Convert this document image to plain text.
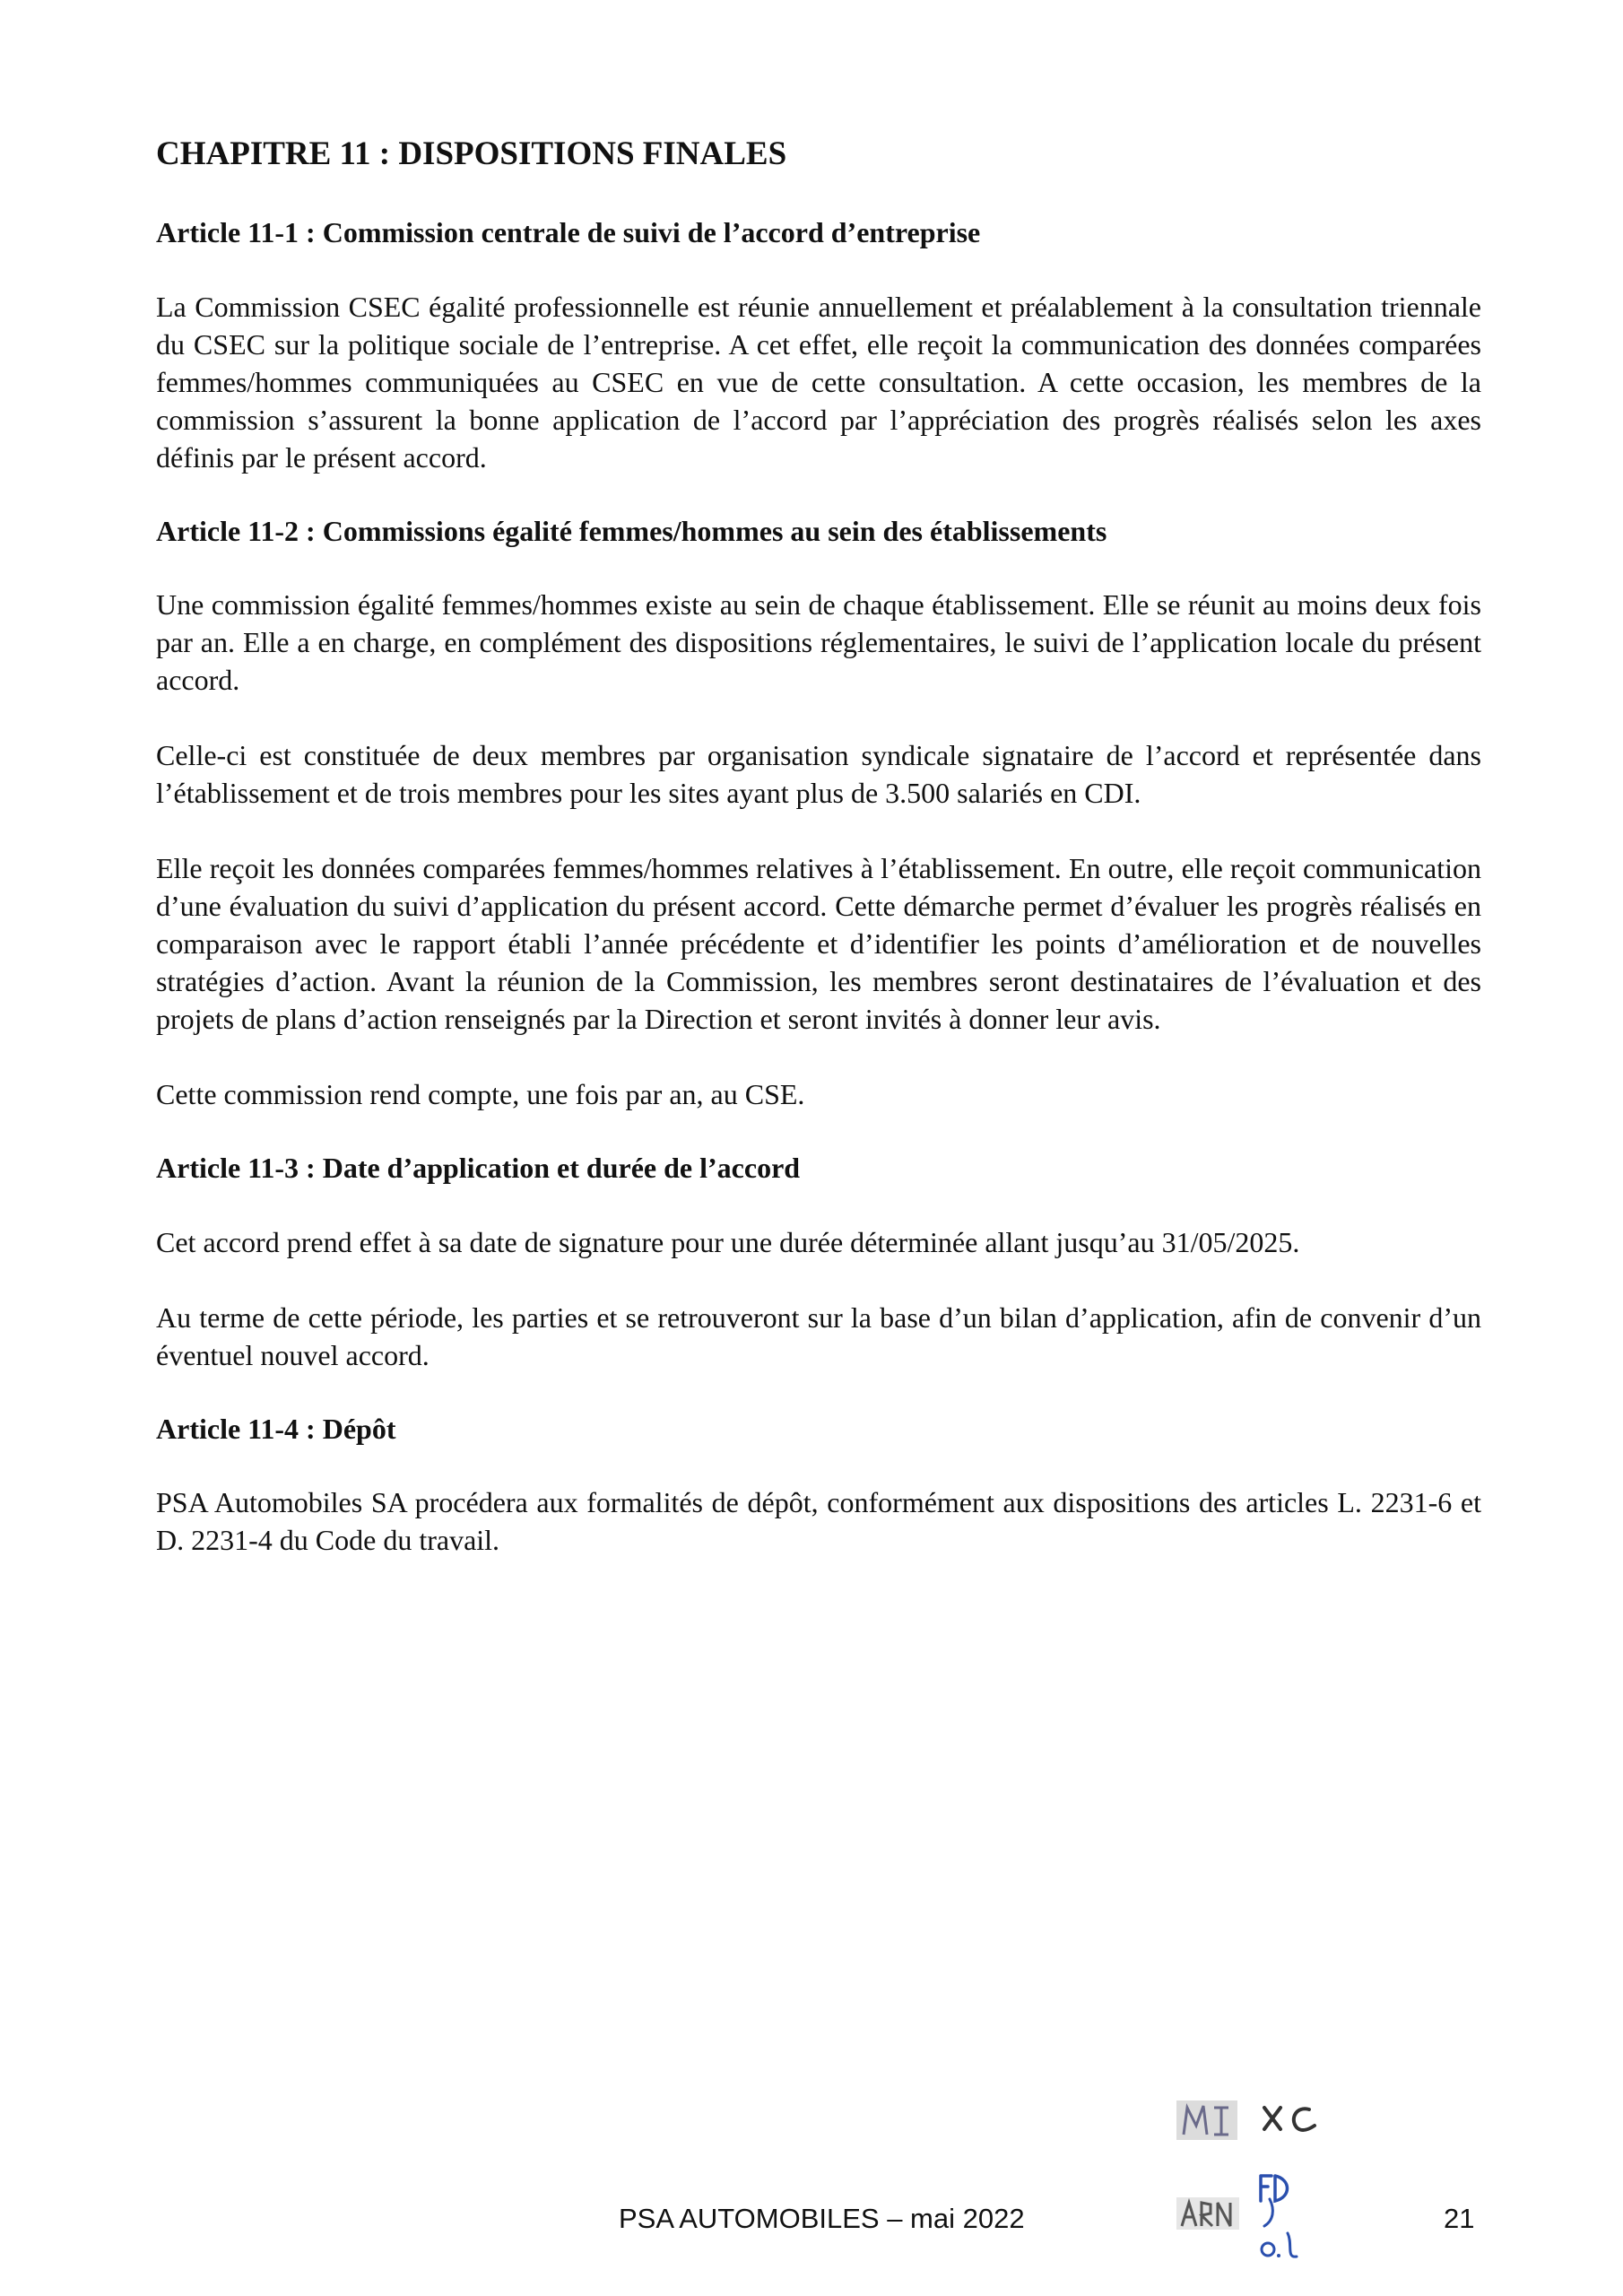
CHAPITRE 11 : DISPOSITIONS FINALES
Article 11-1 : Commission centrale de suivi de l’accord d’entreprise

La Commission CSEC égalité professionnelle est réunie annuellement et préalablement à la consultation triennale du CSEC sur la politique sociale de l’entreprise. A cet effet, elle reçoit la communication des données comparées femmes/hommes communiquées au CSEC en vue de cette consultation. A cette occasion, les membres de la commission s’assurent la bonne application de l’accord par l’appréciation des progrès réalisés selon les axes définis par le présent accord.

Article 11-2 : Commissions égalité femmes/hommes au sein des établissements

Une commission égalité femmes/hommes existe au sein de chaque établissement. Elle se réunit au moins deux fois par an. Elle a en charge, en complément des dispositions réglementaires, le suivi de l’application locale du présent accord.

Celle-ci est constituée de deux membres par organisation syndicale signataire de l’accord et représentée dans l’établissement et de trois membres pour les sites ayant plus de 3.500 salariés en CDI.

Elle reçoit les données comparées femmes/hommes relatives à l’établissement. En outre, elle reçoit communication d’une évaluation du suivi d’application du présent accord. Cette démarche permet d’évaluer les progrès réalisés en comparaison avec le rapport établi l’année précédente et d’identifier les points d’amélioration et de nouvelles stratégies d’action. Avant la réunion de la Commission, les membres seront destinataires de l’évaluation et des projets de plans d’action renseignés par la Direction et seront invités à donner leur avis.

Cette commission rend compte, une fois par an, au CSE.

Article 11-3 : Date d’application et durée de l’accord

Cet accord prend effet à sa date de signature pour une durée déterminée allant jusqu’au 31/05/2025.

Au terme de cette période, les parties et se retrouveront sur la base d’un bilan d’application, afin de convenir d’un éventuel nouvel accord.

Article 11-4 : Dépôt

PSA Automobiles SA procédera aux formalités de dépôt, conformément aux dispositions des articles L. 2231-6 et D. 2231-4 du Code du travail.

PSA AUTOMOBILES – mai 2022	21
